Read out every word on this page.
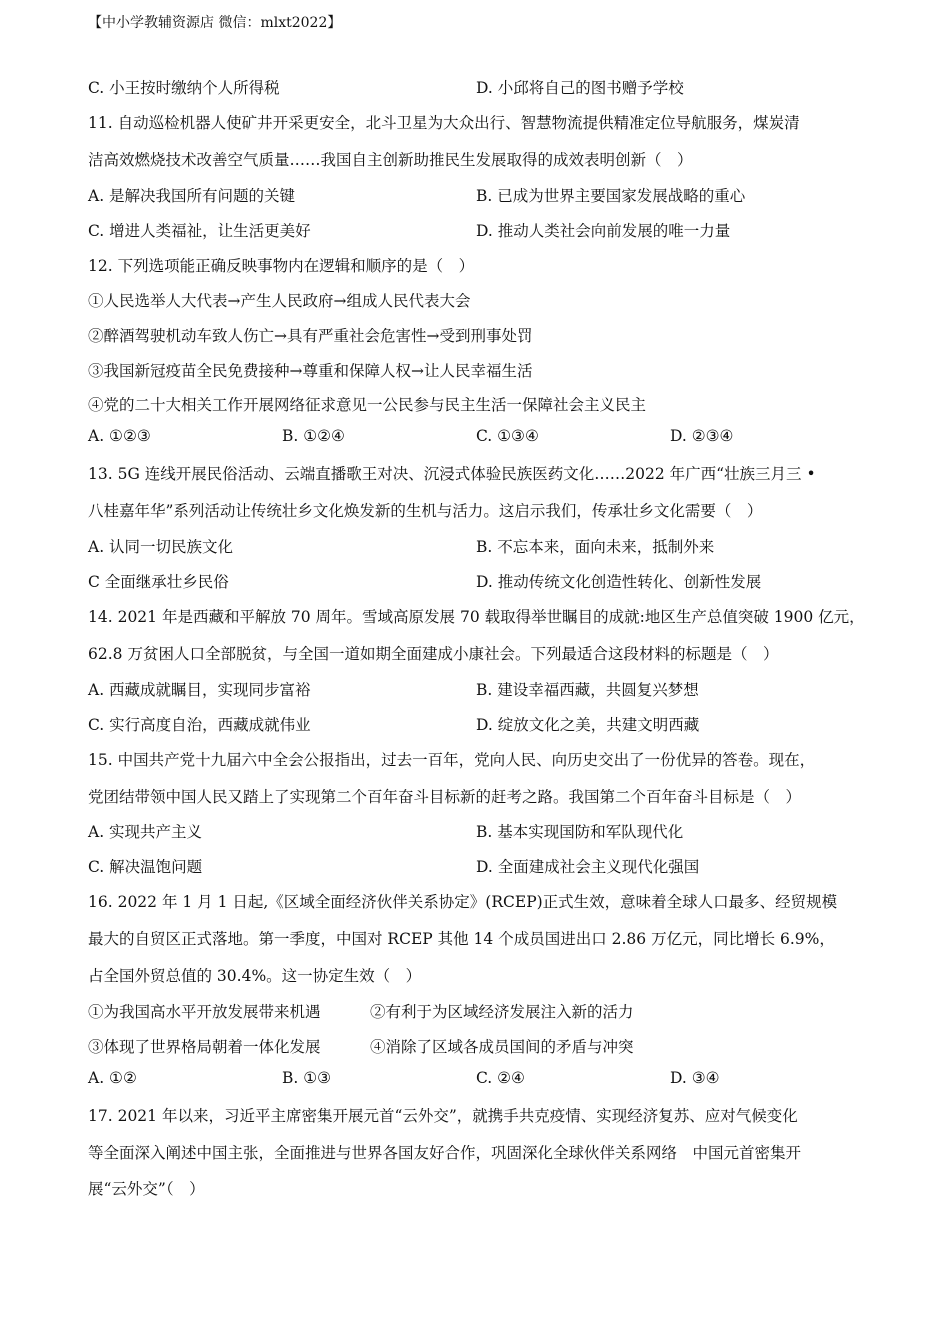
【中小学教辅资源店 微信：mlxt2022】
C. 小王按时缴纳个人所得税	D. 小邱将自己的图书赠予学校
11. 自动巡检机器人使矿井开采更安全，北斗卫星为大众出行、智慧物流提供精准定位导航服务，煤炭清
洁高效燃烧技术改善空气质量……我国自主创新助推民生发展取得的成效表明创新（　）
A. 是解决我国所有问题的关键	B. 已成为世界主要国家发展战略的重心
C. 增进人类福祉，让生活更美好	D. 推动人类社会向前发展的唯一力量
12. 下列选项能正确反映事物内在逻辑和顺序的是（　）
①人民选举人大代表→产生人民政府→组成人民代表大会
②醉酒驾驶机动车致人伤亡→具有严重社会危害性→受到刑事处罚
③我国新冠疫苗全民免费接种→尊重和保障人权→让人民幸福生活
④党的二十大相关工作开展网络征求意见一公民参与民主生活一保障社会主义民主
A. ①②③	B. ①②④	C. ①③④	D. ②③④
13. 5G 连线开展民俗活动、云端直播歌王对决、沉浸式体验民族医药文化……2022 年广西“壮族三月三 •
八桂嘉年华”系列活动让传统壮乡文化焕发新的生机与活力。这启示我们，传承壮乡文化需要（　）
A. 认同一切民族文化	B. 不忘本来，面向未来，抵制外来
C 全面继承壮乡民俗	D. 推动传统文化创造性转化、创新性发展
14. 2021 年是西藏和平解放 70 周年。雪域高原发展 70 载取得举世瞩目的成就:地区生产总值突破 1900 亿元，
62.8 万贫困人口全部脱贫，与全国一道如期全面建成小康社会。下列最适合这段材料的标题是（　）
A. 西藏成就瞩目，实现同步富裕	B. 建设幸福西藏，共圆复兴梦想
C. 实行高度自治，西藏成就伟业	D. 绽放文化之美，共建文明西藏
15. 中国共产党十九届六中全会公报指出，过去一百年，党向人民、向历史交出了一份优异的答卷。现在，
党团结带领中国人民又踏上了实现第二个百年奋斗目标新的赶考之路。我国第二个百年奋斗目标是（　）
A. 实现共产主义	B. 基本实现国防和军队现代化
C. 解决温饱问题	D. 全面建成社会主义现代化强国
16. 2022 年 1 月 1 日起,《区域全面经济伙伴关系协定》(RCEP)正式生效，意味着全球人口最多、经贸规模
最大的自贸区正式落地。第一季度，中国对 RCEP 其他 14 个成员国进出口 2.86 万亿元，同比增长 6.9%，
占全国外贸总值的 30.4%。这一协定生效（　）
①为我国高水平开放发展带来机遇	②有利于为区域经济发展注入新的活力
③体现了世界格局朝着一体化发展	④消除了区域各成员国间的矛盾与冲突
A. ①②	B. ①③	C. ②④	D. ③④
17. 2021 年以来，习近平主席密集开展元首“云外交”，就携手共克疫情、实现经济复苏、应对气候变化
等全面深入阐述中国主张，全面推进与世界各国友好合作，巩固深化全球伙伴关系网络　中国元首密集开
展“云外交”（　）
